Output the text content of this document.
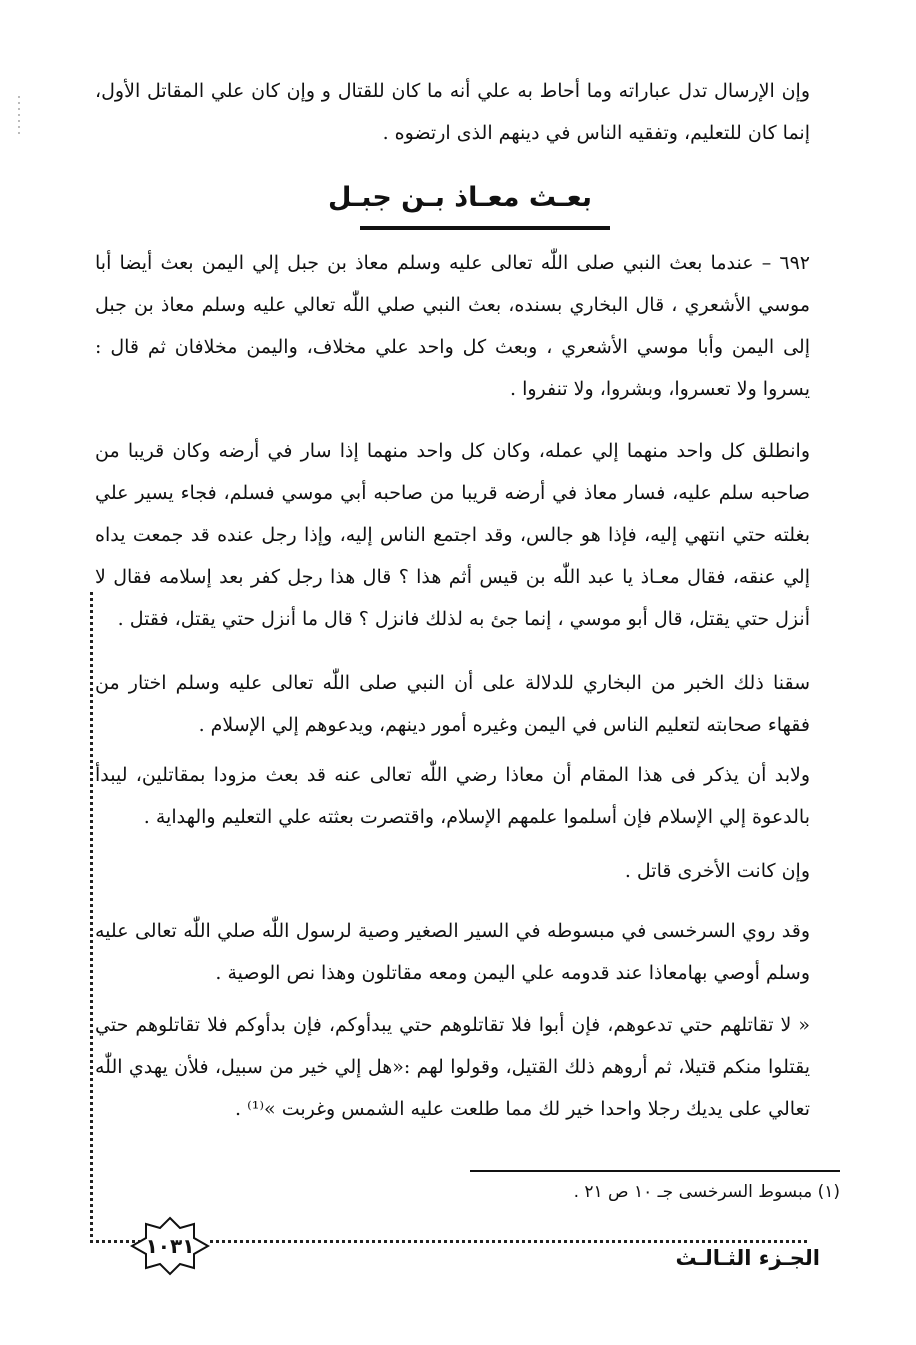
وإن الإرسال تدل عباراته وما أحاط به علي أنه ما كان للقتال و وإن كان علي المقاتل الأول، إنما كان للتعليم، وتفقيه الناس في دينهم الذى ارتضوه .

بعـث معـاذ بـن جبـل

٦٩٢ – عندما بعث النبي صلى اللّٰه تعالى عليه وسلم معاذ بن جبل إلي اليمن بعث أيضا أبا موسي الأشعري ، قال البخاري بسنده، بعث النبي صلي اللّٰه تعالي عليه وسلم معاذ بن جبل إلى اليمن وأبا موسي الأشعري ، وبعث كل واحد علي مخلاف، واليمن مخلافان ثم قال : يسروا ولا تعسروا، وبشروا، ولا تنفروا .

وانطلق كل واحد منهما إلي عمله، وكان كل واحد منهما إذا سار في أرضه وكان قريبا من صاحبه سلم عليه، فسار معاذ في أرضه قريبا من صاحبه أبي موسي فسلم، فجاء يسير علي بغلته حتي انتهي إليه، فإذا هو جالس، وقد اجتمع الناس إليه، وإذا رجل عنده قد جمعت يداه إلي عنقه، فقال معـاذ يا عبد اللّٰه بن قيس أثم هذا ؟ قال هذا رجل كفر بعد إسلامه فقال لا أنزل حتي يقتل، قال أبو موسي ، إنما جئ به لذلك فانزل ؟ قال ما أنزل حتي يقتل، فقتل .

سقنا ذلك الخبر من البخاري للدلالة على أن النبي صلى اللّٰه تعالى عليه وسلم اختار من فقهاء صحابته لتعليم الناس في اليمن وغيره أمور دينهم، ويدعوهم إلي الإسلام .

ولابد أن يذكر فى هذا المقام أن معاذا رضي اللّٰه تعالى عنه قد بعث مزودا بمقاتلين، ليبدأ بالدعوة إلي الإسلام فإن أسلموا علمهم الإسلام، واقتصرت بعثته علي التعليم والهداية .

وإن كانت الأخرى قاتل .

وقد روي السرخسى في مبسوطه في السير الصغير وصية لرسول اللّٰه صلي اللّٰه تعالى عليه وسلم أوصي بهامعاذا عند قدومه علي اليمن ومعه مقاتلون وهذا نص الوصية .

« لا تقاتلهم حتي تدعوهم، فإن أبوا فلا تقاتلوهم حتي يبدأوكم، فإن بدأوكم فلا تقاتلوهم حتي يقتلوا منكم قتيلا، ثم أروهم ذلك القتيل، وقولوا لهم :«هل إلي خير من سبيل، فلأن يهدي اللّٰه تعالي على يديك رجلا واحدا خير لك مما طلعت عليه الشمس وغربت »⁽¹⁾ .

(١) مبسوط السرخسى جـ ١٠ ص ٢١ .
١٠٣١	الجـزء الثـالـث
